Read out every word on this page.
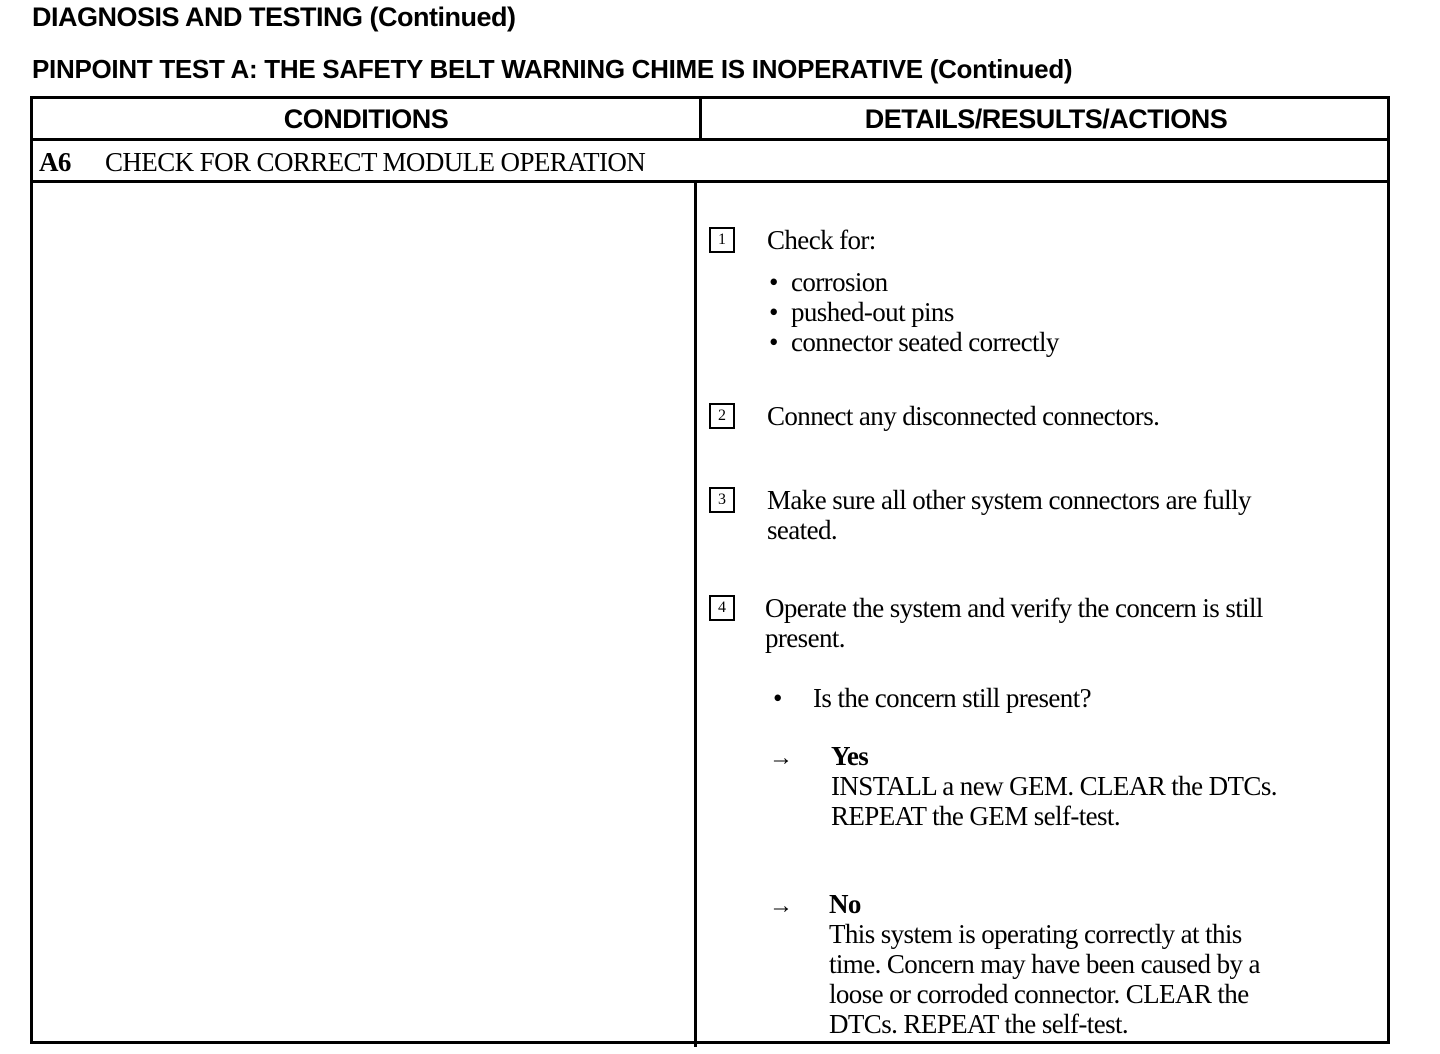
DIAGNOSIS AND TESTING (Continued)
PINPOINT TEST A: THE SAFETY BELT WARNING CHIME IS INOPERATIVE (Continued)
CONDITIONS	DETAILS/RESULTS/ACTIONS
A6 CHECK FOR CORRECT MODULE OPERATION
1	Check for:
• corrosion
• pushed-out pins
• connector seated correctly
2	Connect any disconnected connectors.
3	Make sure all other system connectors are fully
seated.
4	Operate the system and verify the concern is still
present.
• Is the concern still present?
→ Yes
INSTALL a new GEM. CLEAR the DTCs.
REPEAT the GEM self-test.
→ No
This system is operating correctly at this
time. Concern may have been caused by a
loose or corroded connector. CLEAR the
DTCs. REPEAT the self-test.
